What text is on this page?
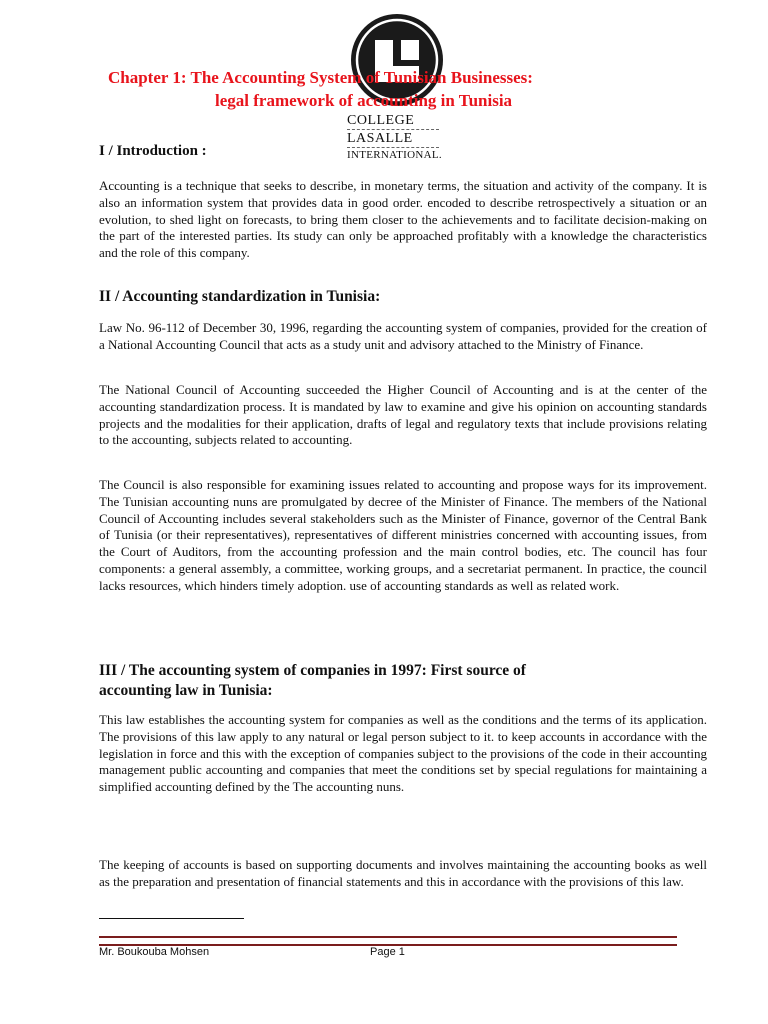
COLLEGE
LASALLE
INTERNATIONAL.
Chapter 1: The Accounting System of Tunisian Businesses:
legal framework of accounting in Tunisia
I / Introduction :

Accounting is a technique that seeks to describe, in monetary terms, the situation and activity of the company. It is also an information system that provides data in good order. encoded to describe retrospectively a situation or an evolution, to shed light on forecasts, to bring them closer to the achievements and to facilitate decision-making on the part of the interested parties. Its study can only be approached profitably with a knowledge the characteristics and the role of this company.

II / Accounting standardization in Tunisia:

Law No. 96-112 of December 30, 1996, regarding the accounting system of companies, provided for the creation of a National Accounting Council that acts as a study unit and advisory attached to the Ministry of Finance.

The National Council of Accounting succeeded the Higher Council of Accounting and is at the center of the accounting standardization process. It is mandated by law to examine and give his opinion on accounting standards projects and the modalities for their application, drafts of legal and regulatory texts that include provisions relating to the accounting, subjects related to accounting.

The Council is also responsible for examining issues related to accounting and propose ways for its improvement. The Tunisian accounting nuns are promulgated by decree of the Minister of Finance. The members of the National Council of Accounting includes several stakeholders such as the Minister of Finance, governor of the Central Bank of Tunisia (or their representatives), representatives of different ministries concerned with accounting issues, from the Court of Auditors, from the accounting profession and the main control bodies, etc. The council has four components: a general assembly, a committee, working groups, and a secretariat permanent. In practice, the council lacks resources, which hinders timely adoption. use of accounting standards as well as related work.

III / The accounting system of companies in 1997: First source of
accounting law in Tunisia:

This law establishes the accounting system for companies as well as the conditions and the terms of its application. The provisions of this law apply to any natural or legal person subject to it. to keep accounts in accordance with the legislation in force and this with the exception of companies subject to the provisions of the code in their accounting management public accounting and companies that meet the conditions set by special regulations for maintaining a simplified accounting defined by the The accounting nuns.

The keeping of accounts is based on supporting documents and involves maintaining the accounting books as well as the preparation and presentation of financial statements and this in accordance with the provisions of this law.

Mr. Boukouba Mohsen	Page 1
